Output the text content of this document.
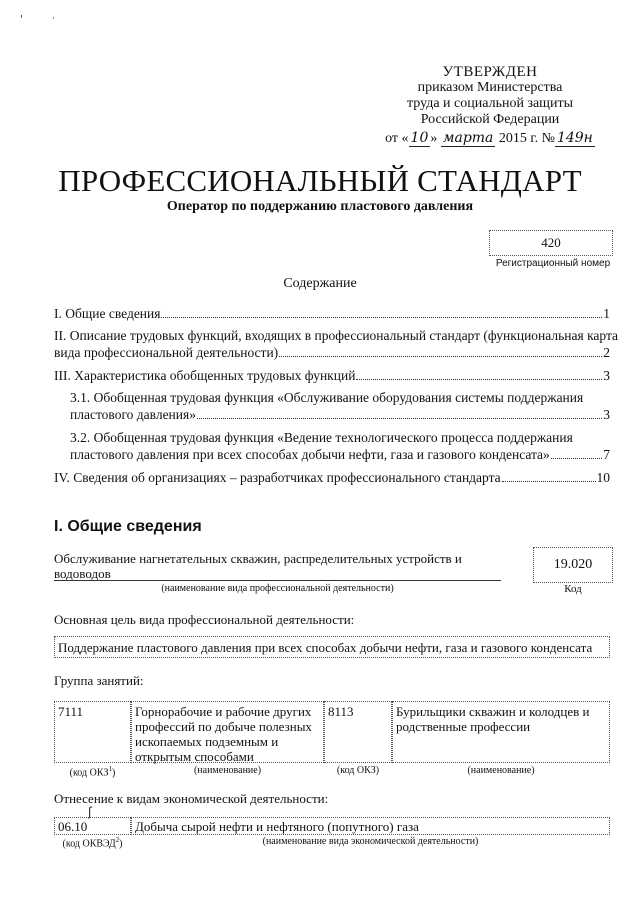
'	ᐧ
УТВЕРЖДЕН
приказом Министерства
труда и социальной защиты
Российской Федерации
от « 10 » марта 2015 г. № 149н
ПРОФЕССИОНАЛЬНЫЙ СТАНДАРТ
Оператор по поддержанию пластового давления
420
Регистрационный номер
Содержание
I. Общие сведения	1
II. Описание трудовых функций, входящих в профессиональный стандарт (функциональная карта
вида профессиональной деятельности)	2
III. Характеристика обобщенных трудовых функций	3
3.1. Обобщенная трудовая функция «Обслуживание оборудования системы поддержания
пластового давления»	3
3.2. Обобщенная трудовая функция «Ведение технологического процесса поддержания
пластового давления при всех способах добычи нефти, газа и газового конденсата»	7
IV. Сведения об организациях – разработчиках профессионального стандарта	10
I. Общие сведения
Обслуживание нагнетательных скважин, распределительных устройств и
водоводов
(наименование вида профессиональной деятельности)
19.020
Код
Основная цель вида профессиональной деятельности:
Поддержание пластового давления при всех способах добычи нефти, газа и газового конденсата
Группа занятий:
7111	Горнорабочие и рабочие других
профессий по добыче полезных
ископаемых подземным и
открытым способами
8113	Бурильщики скважин и колодцев и
родственные профессии
(код ОКЗ$^1$)	(наименование)	(код ОКЗ)	(наименование)
Отнесение к видам экономической деятельности:
ʃ
06.10	Добыча сырой нефти и нефтяного (попутного) газа
(код ОКВЭД$^2$)	(наименование вида экономической деятельности)
